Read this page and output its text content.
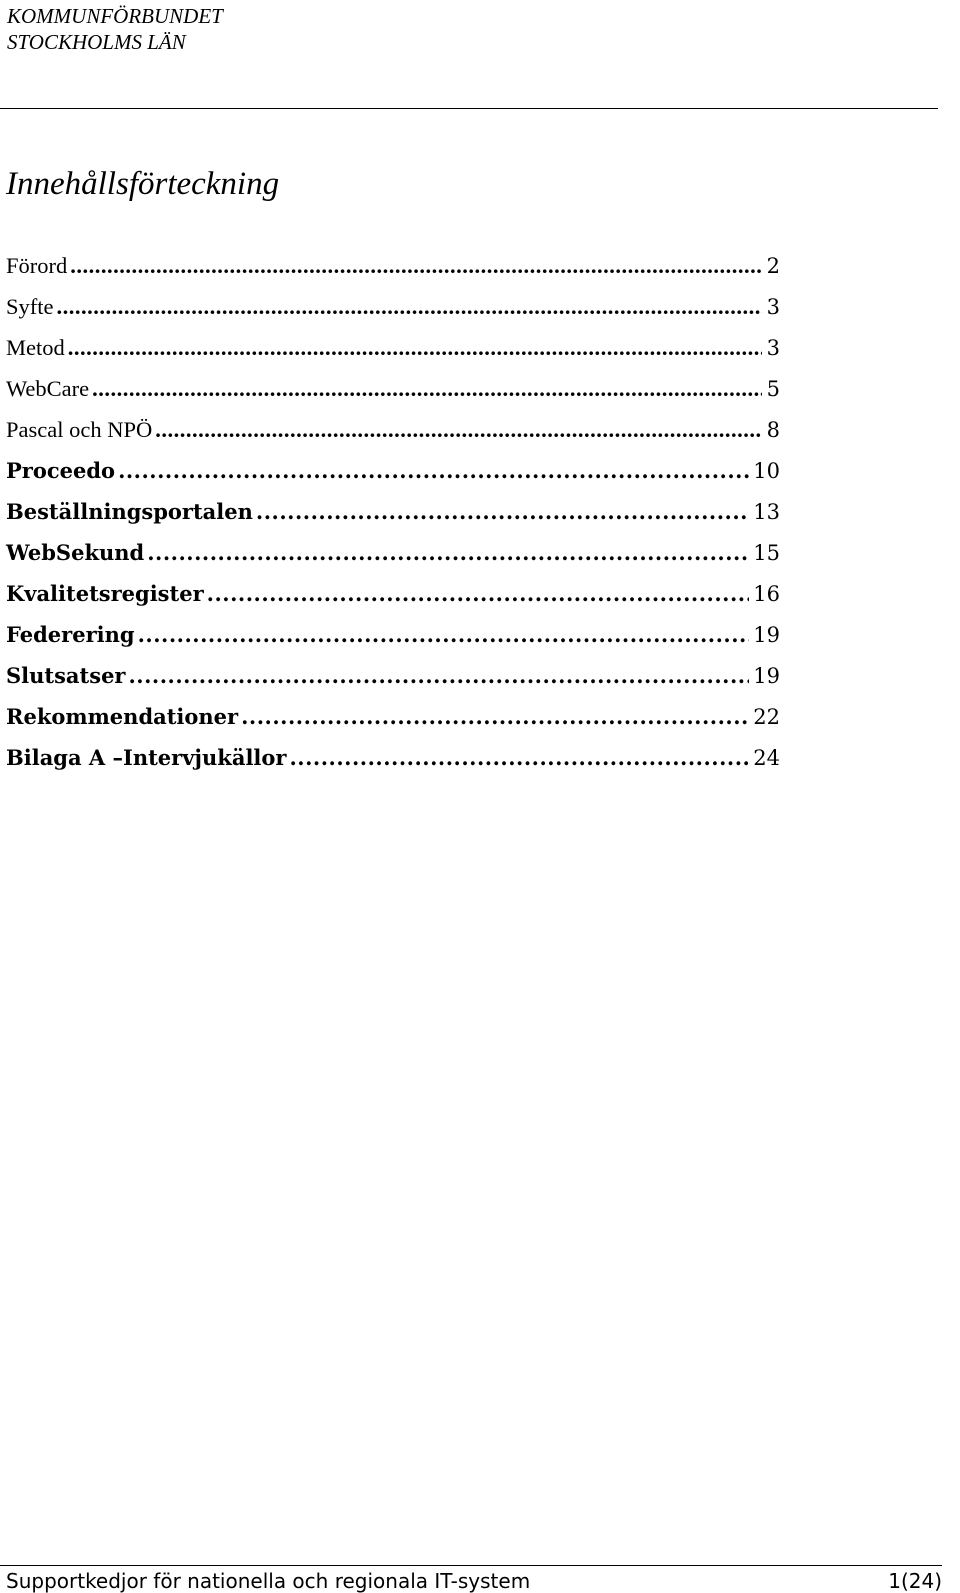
KOMMUNFÖRBUNDET
STOCKHOLMS LÄN
Innehållsförteckning
Förord .....	2
Syfte .....	3
Metod .....	3
WebCare .....	5
Pascal och NPÖ .....	8
Proceedo .....	10
Beställningsportalen .....	13
WebSekund .....	15
Kvalitetsregister .....	16
Federering .....	19
Slutsatser .....	19
Rekommendationer .....	22
Bilaga A –Intervjukällor .....	24
Supportkedjor för nationella och regionala IT-system	1(24)
